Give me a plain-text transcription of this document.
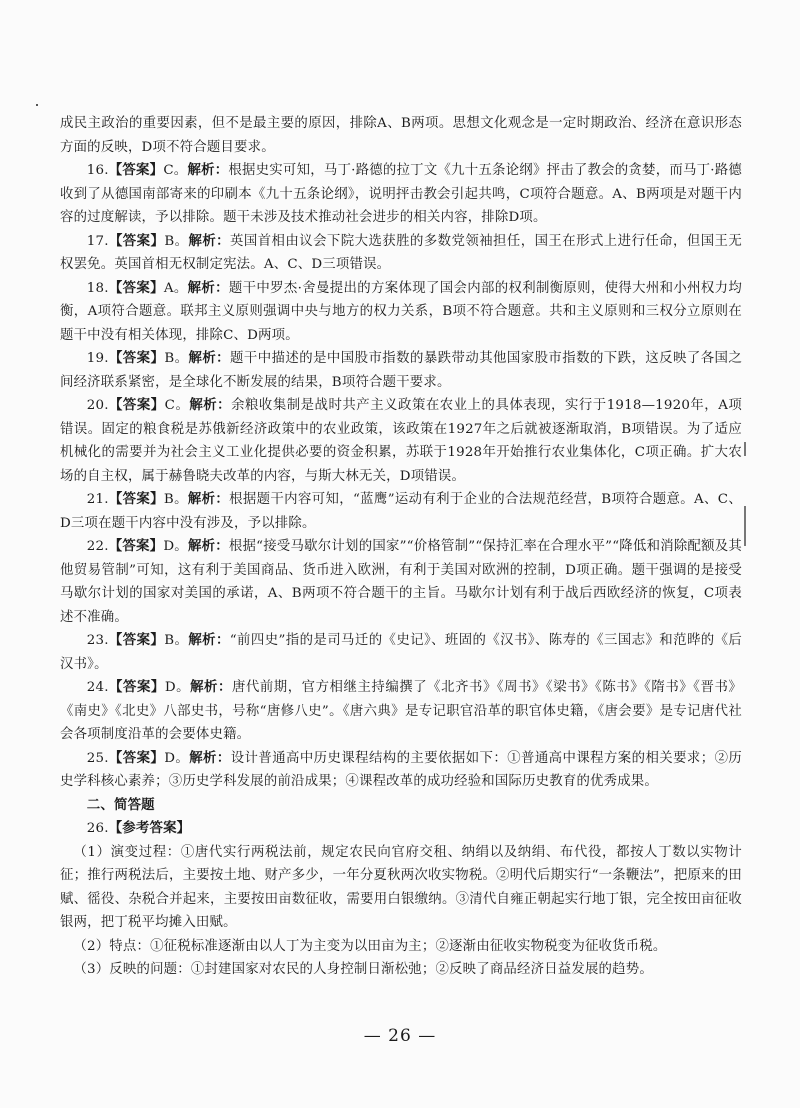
成民主政治的重要因素，但不是最主要的原因，排除A、B两项。思想文化观念是一定时期政治、经济在意识形态方面的反映，D项不符合题目要求。

16.【答案】C。解析：根据史实可知，马丁·路德的拉丁文《九十五条论纲》抨击了教会的贪婪，而马丁·路德收到了从德国南部寄来的印刷本《九十五条论纲》，说明抨击教会引起共鸣，C项符合题意。A、B两项是对题干内容的过度解读，予以排除。题干未涉及技术推动社会进步的相关内容，排除D项。

17.【答案】B。解析：英国首相由议会下院大选获胜的多数党领袖担任，国王在形式上进行任命，但国王无权罢免。英国首相无权制定宪法。A、C、D三项错误。

18.【答案】A。解析：题干中罗杰·舍曼提出的方案体现了国会内部的权利制衡原则，使得大州和小州权力均衡，A项符合题意。联邦主义原则强调中央与地方的权力关系，B项不符合题意。共和主义原则和三权分立原则在题干中没有相关体现，排除C、D两项。

19.【答案】B。解析：题干中描述的是中国股市指数的暴跌带动其他国家股市指数的下跌，这反映了各国之间经济联系紧密，是全球化不断发展的结果，B项符合题干要求。

20.【答案】C。解析：余粮收集制是战时共产主义政策在农业上的具体表现，实行于1918—1920年，A项错误。固定的粮食税是苏俄新经济政策中的农业政策，该政策在1927年之后就被逐渐取消，B项错误。为了适应机械化的需要并为社会主义工业化提供必要的资金积累，苏联于1928年开始推行农业集体化，C项正确。扩大农场的自主权，属于赫鲁晓夫改革的内容，与斯大林无关，D项错误。

21.【答案】B。解析：根据题干内容可知，“蓝鹰”运动有利于企业的合法规范经营，B项符合题意。A、C、D三项在题干内容中没有涉及，予以排除。

22.【答案】D。解析：根据“接受马歇尔计划的国家”“价格管制”“保持汇率在合理水平”“降低和消除配额及其他贸易管制”可知，这有利于美国商品、货币进入欧洲，有利于美国对欧洲的控制，D项正确。题干强调的是接受马歇尔计划的国家对美国的承诺，A、B两项不符合题干的主旨。马歇尔计划有利于战后西欧经济的恢复，C项表述不准确。

23.【答案】B。解析：“前四史”指的是司马迁的《史记》、班固的《汉书》、陈寿的《三国志》和范晔的《后汉书》。

24.【答案】D。解析：唐代前期，官方相继主持编撰了《北齐书》《周书》《梁书》《陈书》《隋书》《晋书》《南史》《北史》八部史书，号称“唐修八史”。《唐六典》是专记职官沿革的职官体史籍，《唐会要》是专记唐代社会各项制度沿革的会要体史籍。

25.【答案】D。解析：设计普通高中历史课程结构的主要依据如下：①普通高中课程方案的相关要求；②历史学科核心素养；③历史学科发展的前沿成果；④课程改革的成功经验和国际历史教育的优秀成果。

二、简答题

26.【参考答案】

（1）演变过程：①唐代实行两税法前，规定农民向官府交租、纳绢以及纳绢、布代役，都按人丁数以实物计征；推行两税法后，主要按土地、财产多少，一年分夏秋两次收实物税。②明代后期实行“一条鞭法”，把原来的田赋、徭役、杂税合并起来，主要按田亩数征收，需要用白银缴纳。③清代自雍正朝起实行地丁银，完全按田亩征收银两，把丁税平均摊入田赋。

（2）特点：①征税标准逐渐由以人丁为主变为以田亩为主；②逐渐由征收实物税变为征收货币税。

（3）反映的问题：①封建国家对农民的人身控制日渐松弛；②反映了商品经济日益发展的趋势。

— 26 —
